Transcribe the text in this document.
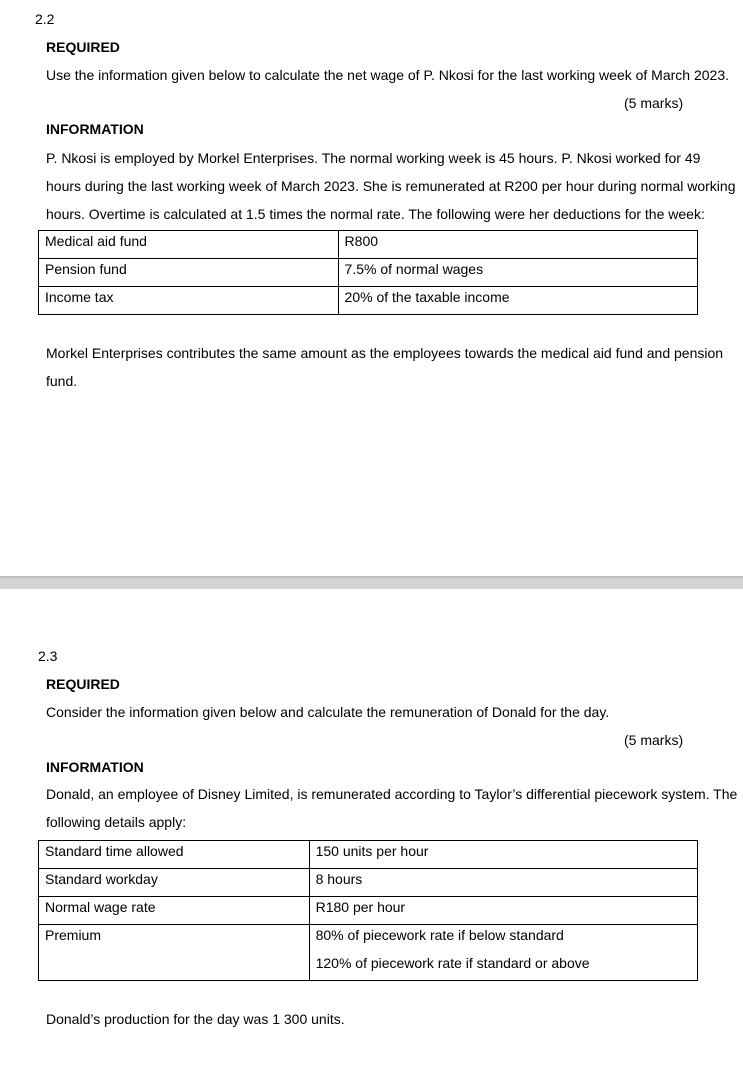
2.2
REQUIRED
Use the information given below to calculate the net wage of P. Nkosi for the last working week of March 2023.
(5 marks)
INFORMATION
P. Nkosi is employed by Morkel Enterprises. The normal working week is 45 hours. P. Nkosi worked for 49
hours during the last working week of March 2023. She is remunerated at R200 per hour during normal working
hours. Overtime is calculated at 1.5 times the normal rate. The following were her deductions for the week:
Medical aid fund	R800
Pension fund	7.5% of normal wages
Income tax	20% of the taxable income
Morkel Enterprises contributes the same amount as the employees towards the medical aid fund and pension
fund.
2.3
REQUIRED
Consider the information given below and calculate the remuneration of Donald for the day.
(5 marks)
INFORMATION
Donald, an employee of Disney Limited, is remunerated according to Taylor’s differential piecework system. The
following details apply:
Standard time allowed	150 units per hour
Standard workday	8 hours
Normal wage rate	R180 per hour
Premium	80% of piecework rate if below standard
120% of piecework rate if standard or above
Donald’s production for the day was 1 300 units.
